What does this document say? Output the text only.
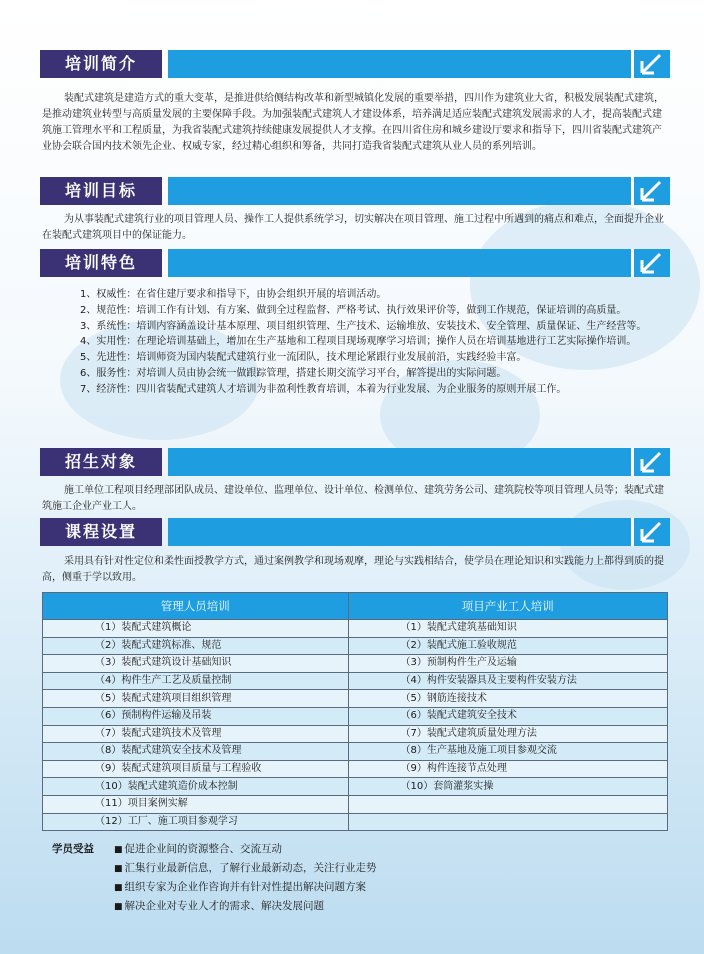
培训简介

装配式建筑是建造方式的重大变革，是推进供给侧结构改革和新型城镇化发展的重要举措，四川作为建筑业大省，积极发展装配式建筑，是推动建筑业转型与高质量发展的主要保障手段。为加强装配式建筑人才建设体系，培养满足适应装配式建筑发展需求的人才，提高装配式建筑施工管理水平和工程质量，为我省装配式建筑持续健康发展提供人才支撑。在四川省住房和城乡建设厅要求和指导下，四川省装配式建筑产业协会联合国内技术领先企业、权威专家，经过精心组织和筹备，共同打造我省装配式建筑从业人员的系列培训。

培训目标

为从事装配式建筑行业的项目管理人员、操作工人提供系统学习，切实解决在项目管理、施工过程中所遇到的痛点和难点，全面提升企业在装配式建筑项目中的保证能力。

培训特色
1、权威性：在省住建厅要求和指导下，由协会组织开展的培训活动。
2、规范性：培训工作有计划、有方案、做到全过程监督、严格考试、执行效果评价等，做到工作规范，保证培训的高质量。
3、系统性：培训内容涵盖设计基本原理、项目组织管理、生产技术、运输堆放、安装技术、安全管理、质量保证、生产经营等。
4、实用性：在理论培训基础上，增加在生产基地和工程项目现场观摩学习培训；操作人员在培训基地进行工艺实际操作培训。
5、先进性：培训师资为国内装配式建筑行业一流团队，技术理论紧跟行业发展前沿，实践经验丰富。
6、服务性：对培训人员由协会统一做跟踪管理，搭建长期交流学习平台，解答提出的实际问题。
7、经济性：四川省装配式建筑人才培训为非盈利性教育培训，本着为行业发展、为企业服务的原则开展工作。
招生对象

施工单位工程项目经理部团队成员、建设单位、监理单位、设计单位、检测单位、建筑劳务公司、建筑院校等项目管理人员等；装配式建筑施工企业产业工人。

课程设置

采用具有针对性定位和柔性面授教学方式，通过案例教学和现场观摩，理论与实践相结合，使学员在理论知识和实践能力上都得到质的提高，侧重于学以致用。

管理人员培训	项目产业工人培训
（1）装配式建筑概论	（1）装配式建筑基础知识
（2）装配式建筑标准、规范	（2）装配式施工验收规范
（3）装配式建筑设计基础知识	（3）预制构件生产及运输
（4）构件生产工艺及质量控制	（4）构件安装器具及主要构件安装方法
（5）装配式建筑项目组织管理	（5）钢筋连接技术
（6）预制构件运输及吊装	（6）装配式建筑安全技术
（7）装配式建筑技术及管理	（7）装配式建筑质量处理方法
（8）装配式建筑安全技术及管理	（8）生产基地及施工项目参观交流
（9）装配式建筑项目质量与工程验收	（9）构件连接节点处理
（10）装配式建筑造价成本控制	（10）套筒灌浆实操
（11）项目案例实解	
（12）工厂、施工项目参观学习	
学员受益	■ 促进企业间的资源整合、交流互动
■ 汇集行业最新信息，了解行业最新动态，关注行业走势
■ 组织专家为企业作咨询并有针对性提出解决问题方案
■ 解决企业对专业人才的需求、解决发展问题
